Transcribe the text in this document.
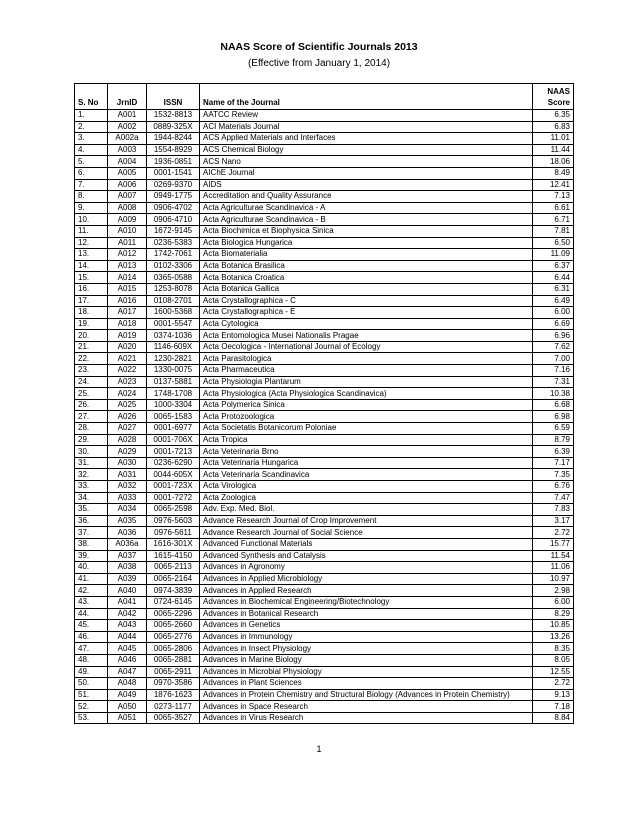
NAAS Score of Scientific Journals 2013
(Effective from January 1, 2014)
S. No	JrnID	ISSN	Name of the Journal	NAAS Score
1.	A001	1532-8813	AATCC Review	6.35
2.	A002	0889-325X	ACI Materials Journal	6.83
3.	A002a	1944-8244	ACS Applied Materials and Interfaces	11.01
4.	A003	1554-8929	ACS Chemical Biology	11.44
5.	A004	1936-0851	ACS Nano	18.06
6.	A005	0001-1541	AIChE Journal	8.49
7.	A006	0269-9370	AIDS	12.41
8.	A007	0949-1775	Accreditation and Quality Assurance	7.13
9.	A008	0906-4702	Acta Agriculturae Scandinavica - A	6.61
10.	A009	0906-4710	Acta Agriculturae Scandinavica - B	6.71
11.	A010	1672-9145	Acta Biochimica et Biophysica Sinica	7.81
12.	A011	0236-5383	Acta Biologica Hungarica	6.50
13.	A012	1742-7061	Acta Biomaterialia	11.09
14.	A013	0102-3306	Acta Botanica Brasilica	6.37
15.	A014	0365-0588	Acta Botanica Croatica	6.44
16.	A015	1253-8078	Acta Botanica Gallica	6.31
17.	A016	0108-2701	Acta Crystallographica - C	6.49
18.	A017	1600-5368	Acta Crystallographica - E	6.00
19.	A018	0001-5547	Acta Cytologica	6.69
20.	A019	0374-1036	Acta Entomologica Musei Nationalis Pragae	6.96
21.	A020	1146-609X	Acta Oecologica - International Journal of Ecology	7.62
22.	A021	1230-2821	Acta Parasitologica	7.00
23.	A022	1330-0075	Acta Pharmaceutica	7.16
24.	A023	0137-5881	Acta Physiologia Plantarum	7.31
25.	A024	1748-1708	Acta Physiologica (Acta Physiologica Scandinavica)	10.38
26.	A025	1000-3304	Acta Polymerica Sinica	6.68
27.	A026	0065-1583	Acta Protozoologica	6.98
28.	A027	0001-6977	Acta Societatis Botanicorum Poloniae	6.59
29.	A028	0001-706X	Acta Tropica	8.79
30.	A029	0001-7213	Acta Veterinaria Brno	6.39
31.	A030	0236-6290	Acta Veterinaria Hungarica	7.17
32.	A031	0044-605X	Acta Veterinaria Scandinavica	7.35
33.	A032	0001-723X	Acta Virologica	6.76
34.	A033	0001-7272	Acta Zoologica	7.47
35.	A034	0065-2598	Adv. Exp. Med. Biol.	7.83
36.	A035	0976-5603	Advance Research Journal of Crop Improvement	3.17
37.	A036	0976-5611	Advance Research Journal of Social Science	2.72
38.	A036a	1616-301X	Advanced Functional Materials	15.77
39.	A037	1615-4150	Advanced Synthesis and Catalysis	11.54
40.	A038	0065-2113	Advances in Agronomy	11.06
41.	A039	0065-2164	Advances in Applied Microbiology	10.97
42.	A040	0974-3839	Advances in Applied Research	2.98
43.	A041	0724-6145	Advances in Biochemical Engineering/Biotechnology	6.00
44.	A042	0065-2296	Advances in Botanical Research	8.29
45.	A043	0065-2660	Advances in Genetics	10.85
46.	A044	0065-2776	Advances in Immunology	13.26
47.	A045	0065-2806	Advances in Insect Physiology	8.35
48.	A046	0065-2881	Advances in Marine Biology	8.05
49.	A047	0065-2911	Advances in Microbial Physiology	12.55
50.	A048	0970-3586	Advances in Plant Sciences	2.72
51.	A049	1876-1623	Advances in Protein Chemistry and Structural Biology (Advances in Protein Chemistry)	9.13
52.	A050	0273-1177	Advances in Space Research	7.18
53.	A051	0065-3527	Advances in Virus Research	8.84
1
